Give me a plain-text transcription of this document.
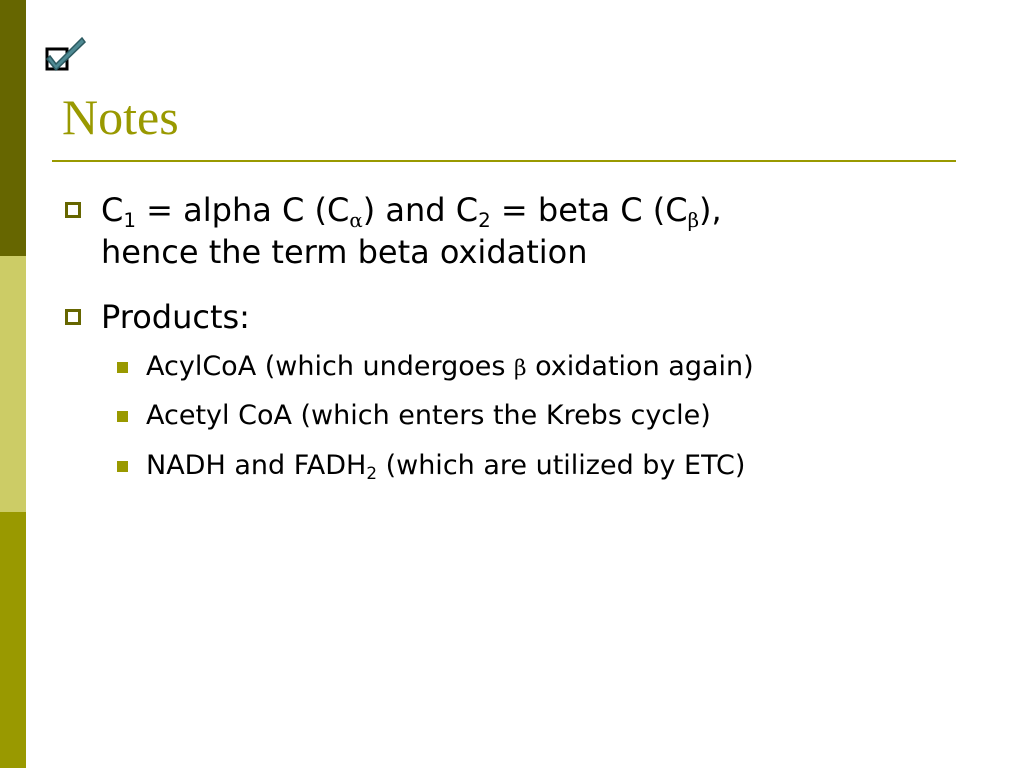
Notes
$C_1$ = alpha C (Cα) and $C_2$ = beta C (Cβ),
hence the term beta oxidation
Products:
AcylCoA (which undergoes β oxidation again)
Acetyl CoA (which enters the Krebs cycle)
NADH and $FADH_2$ (which are utilized by ETC)
